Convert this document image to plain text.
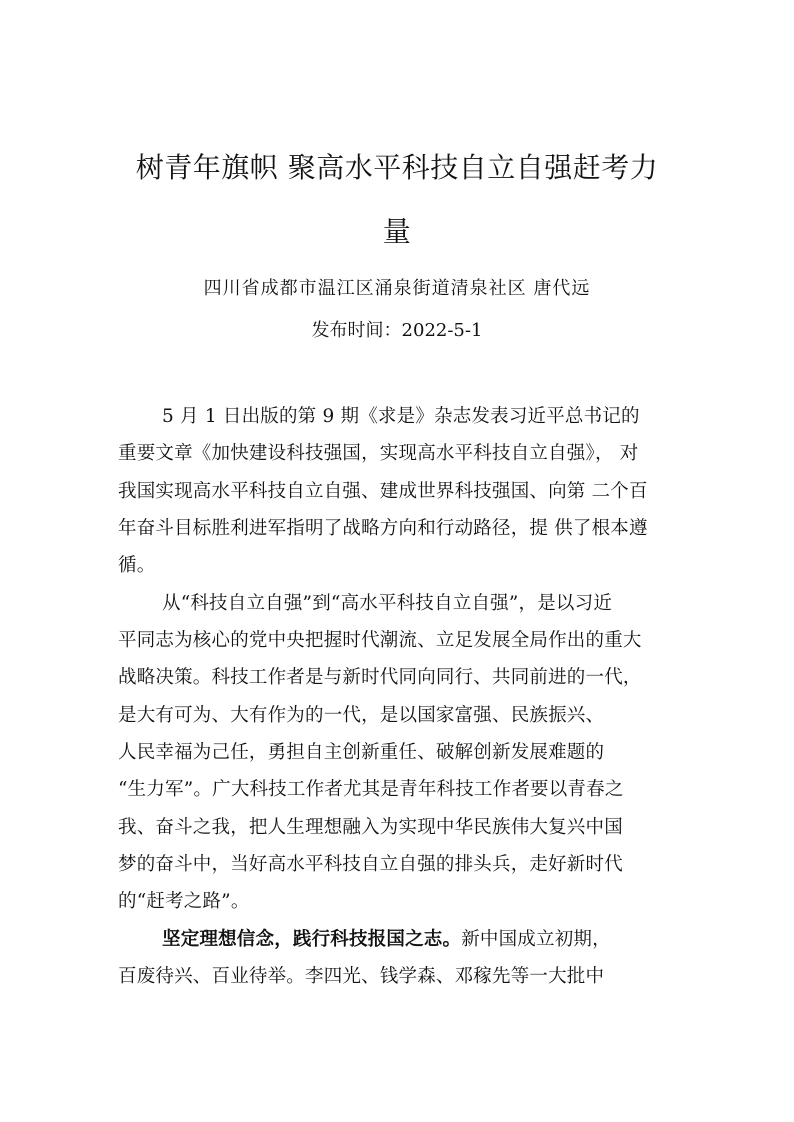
树青年旗帜 聚高水平科技自立自强赶考力
量
四川省成都市温江区涌泉街道清泉社区 唐代远
发布时间：2022-5-1
5 月 1 日出版的第 9 期《求是》杂志发表习近平总书记的
重要文章《加快建设科技强国，实现高水平科技自立自强》， 对
我国实现高水平科技自立自强、建成世界科技强国、向第 二个百
年奋斗目标胜利进军指明了战略方向和行动路径，提 供了根本遵
循。
从“科技自立自强”到“高水平科技自立自强”，是以习近
平同志为核心的党中央把握时代潮流、立足发展全局作出的重大
战略决策。科技工作者是与新时代同向同行、共同前进的一代，
是大有可为、大有作为的一代，是以国家富强、民族振兴、
人民幸福为己任，勇担自主创新重任、破解创新发展难题的
“生力军”。广大科技工作者尤其是青年科技工作者要以青春之
我、奋斗之我，把人生理想融入为实现中华民族伟大复兴中国
梦的奋斗中，当好高水平科技自立自强的排头兵，走好新时代
的“赶考之路”。
坚定理想信念，践行科技报国之志。新中国成立初期，
百废待兴、百业待举。李四光、钱学森、邓稼先等一大批中
